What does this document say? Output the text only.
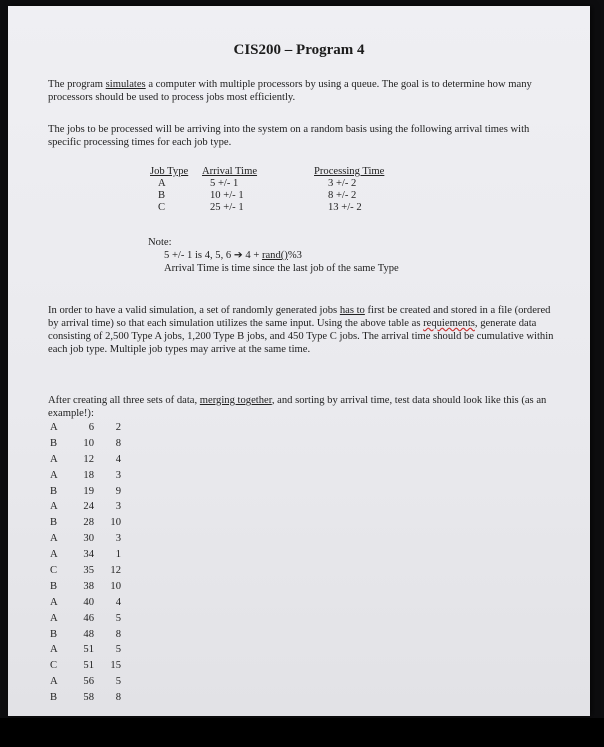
CIS200 – Program 4

The program simulates a computer with multiple processors by using a queue. The goal is to determine how many processors should be used to process jobs most efficiently.

The jobs to be processed will be arriving into the system on a random basis using the following arrival times with specific processing times for each job type.

Job Type	Arrival Time	Processing Time
A	5 +/- 1	3 +/- 2
B	10 +/- 1	8 +/- 2
C	25 +/- 1	13 +/- 2
Note:
5 +/- 1 is 4, 5, 6 ➔ 4 + rand()%3
Arrival Time is time since the last job of the same Type

In order to have a valid simulation, a set of randomly generated jobs has to first be created and stored in a file (ordered by arrival time) so that each simulation utilizes the same input. Using the above table as requiements, generate data consisting of 2,500 Type A jobs, 1,200 Type B jobs, and 450 Type C jobs. The arrival time should be cumulative within each job type. Multiple job types may arrive at the same time.

After creating all three sets of data, merging together, and sorting by arrival time, test data should look like this (as an example!):

A	6	2
B	10	8
A	12	4
A	18	3
B	19	9
A	24	3
B	28	10
A	30	3
A	34	1
C	35	12
B	38	10
A	40	4
A	46	5
B	48	8
A	51	5
C	51	15
A	56	5
B	58	8
